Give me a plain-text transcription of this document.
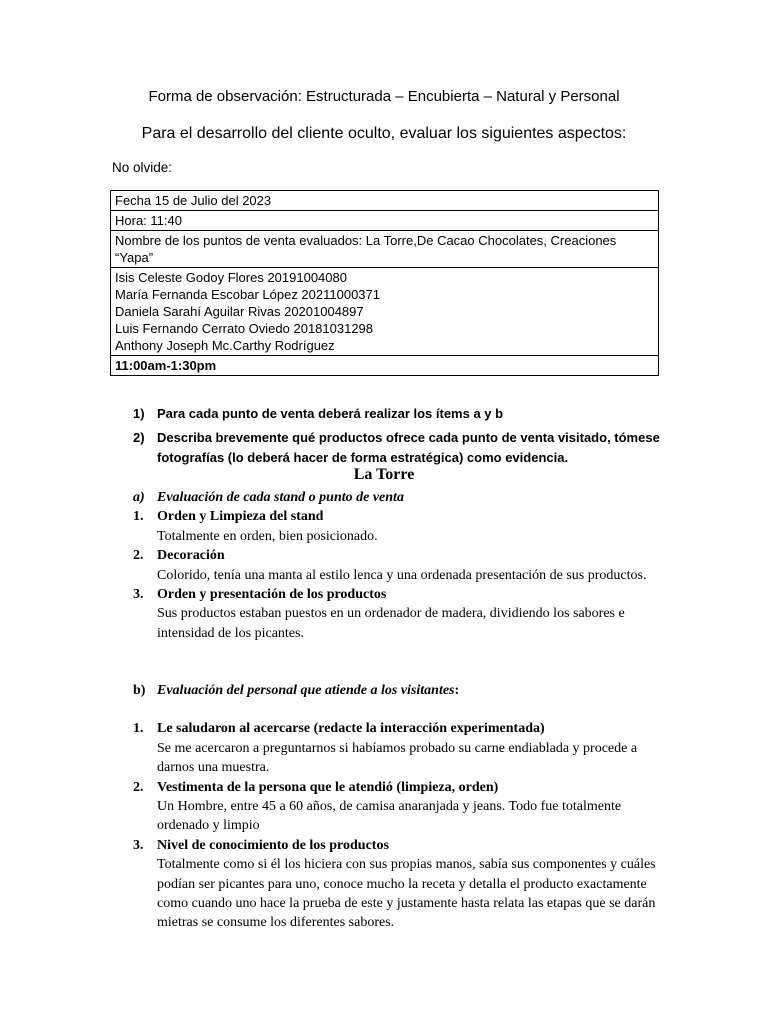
Forma de observación: Estructurada – Encubierta – Natural y Personal
Para el desarrollo del cliente oculto, evaluar los siguientes aspectos:
No olvide:
Fecha 15 de Julio del 2023
Hora: 11:40

Nombre de los puntos de venta evaluados: La Torre,De Cacao Chocolates, Creaciones
“Yapa”

Isis Celeste Godoy Flores 20191004080
María Fernanda Escobar López 20211000371
Daniela Sarahí Aguilar Rivas 20201004897
Luis Fernando Cerrato Oviedo 20181031298
Anthony Joseph Mc.Carthy Rodríguez

11:00am-1:30pm
1) Para cada punto de venta deberá realizar los ítems a y b
2) Describa brevemente qué productos ofrece cada punto de venta visitado, tómese fotografías (lo deberá hacer de forma estratégica) como evidencia.
La Torre
a) Evaluación de cada stand o punto de venta
1. Orden y Limpieza del stand
Totalmente en orden, bien posicionado.
2. Decoración
Colorido, tenía una manta al estilo lenca y una ordenada presentación de sus productos.
3. Orden y presentación de los productos
Sus productos estaban puestos en un ordenador de madera, dividiendo los sabores e intensidad de los picantes.
b) Evaluación del personal que atiende a los visitantes:
1. Le saludaron al acercarse (redacte la interacción experimentada)
Se me acercaron a preguntarnos si habíamos probado su carne endiablada y procede a darnos una muestra.
2. Vestimenta de la persona que le atendió (limpieza, orden)
Un Hombre, entre 45 a 60 años, de camisa anaranjada y jeans. Todo fue totalmente ordenado y limpio
3. Nivel de conocimiento de los productos
Totalmente como si él los hiciera con sus propias manos, sabía sus componentes y cuáles podían ser picantes para uno, conoce mucho la receta y detalla el producto exactamente como cuando uno hace la prueba de este y justamente hasta relata las etapas que se darán mietras se consume los diferentes sabores.
